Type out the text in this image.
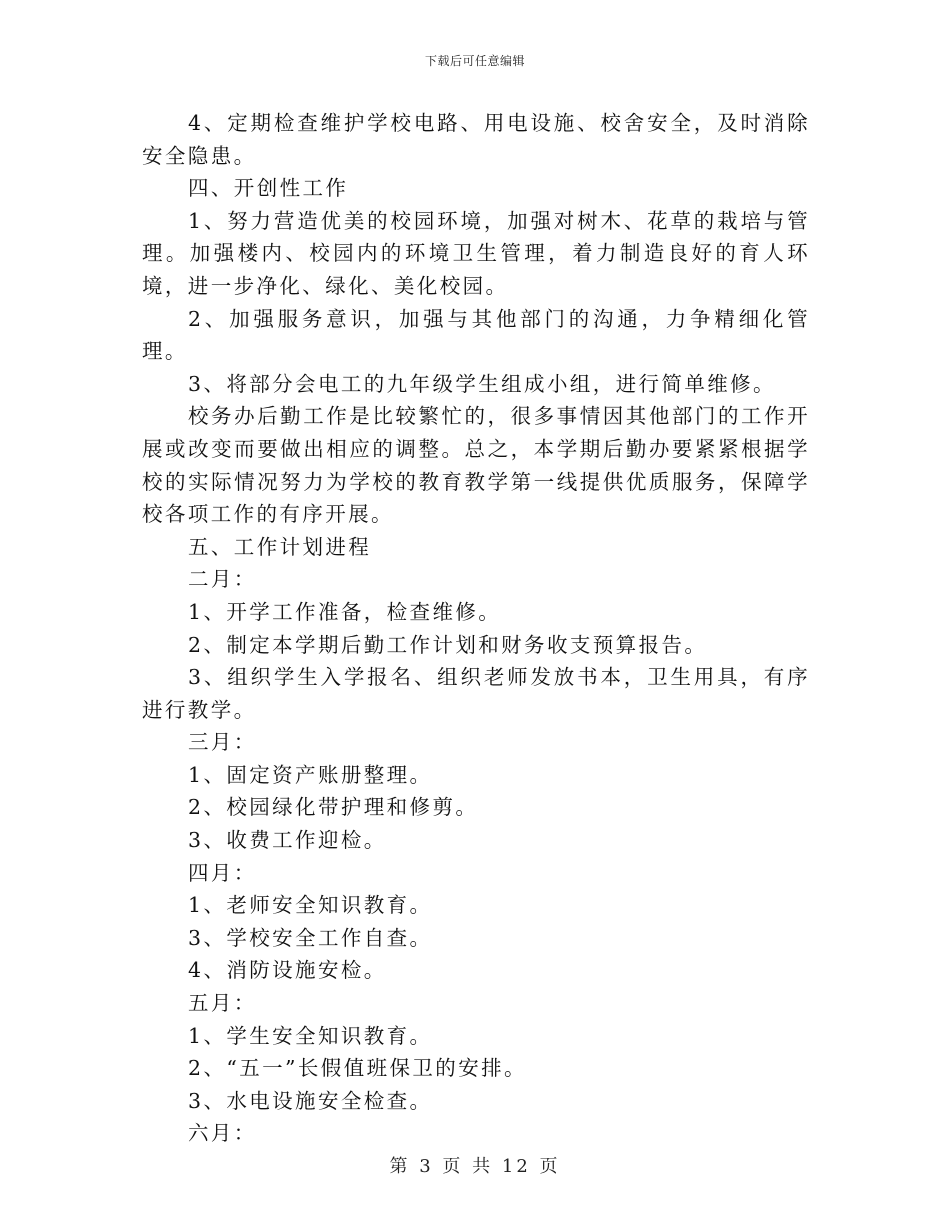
下载后可任意编辑

4、定期检查维护学校电路、用电设施、校舍安全，及时消除安全隐患。

四、开创性工作

1、努力营造优美的校园环境，加强对树木、花草的栽培与管理。加强楼内、校园内的环境卫生管理，着力制造良好的育人环境，进一步净化、绿化、美化校园。

2、加强服务意识，加强与其他部门的沟通，力争精细化管理。

3、将部分会电工的九年级学生组成小组，进行简单维修。

校务办后勤工作是比较繁忙的，很多事情因其他部门的工作开展或改变而要做出相应的调整。总之，本学期后勤办要紧紧根据学校的实际情况努力为学校的教育教学第一线提供优质服务，保障学校各项工作的有序开展。

五、工作计划进程

二月：

1、开学工作准备，检查维修。

2、制定本学期后勤工作计划和财务收支预算报告。

3、组织学生入学报名、组织老师发放书本，卫生用具，有序进行教学。

三月：

1、固定资产账册整理。

2、校园绿化带护理和修剪。

3、收费工作迎检。

四月：

1、老师安全知识教育。

3、学校安全工作自查。

4、消防设施安检。

五月：

1、学生安全知识教育。

2、“五一”长假值班保卫的安排。

3、水电设施安全检查。

六月：

第 3 页 共 12 页
